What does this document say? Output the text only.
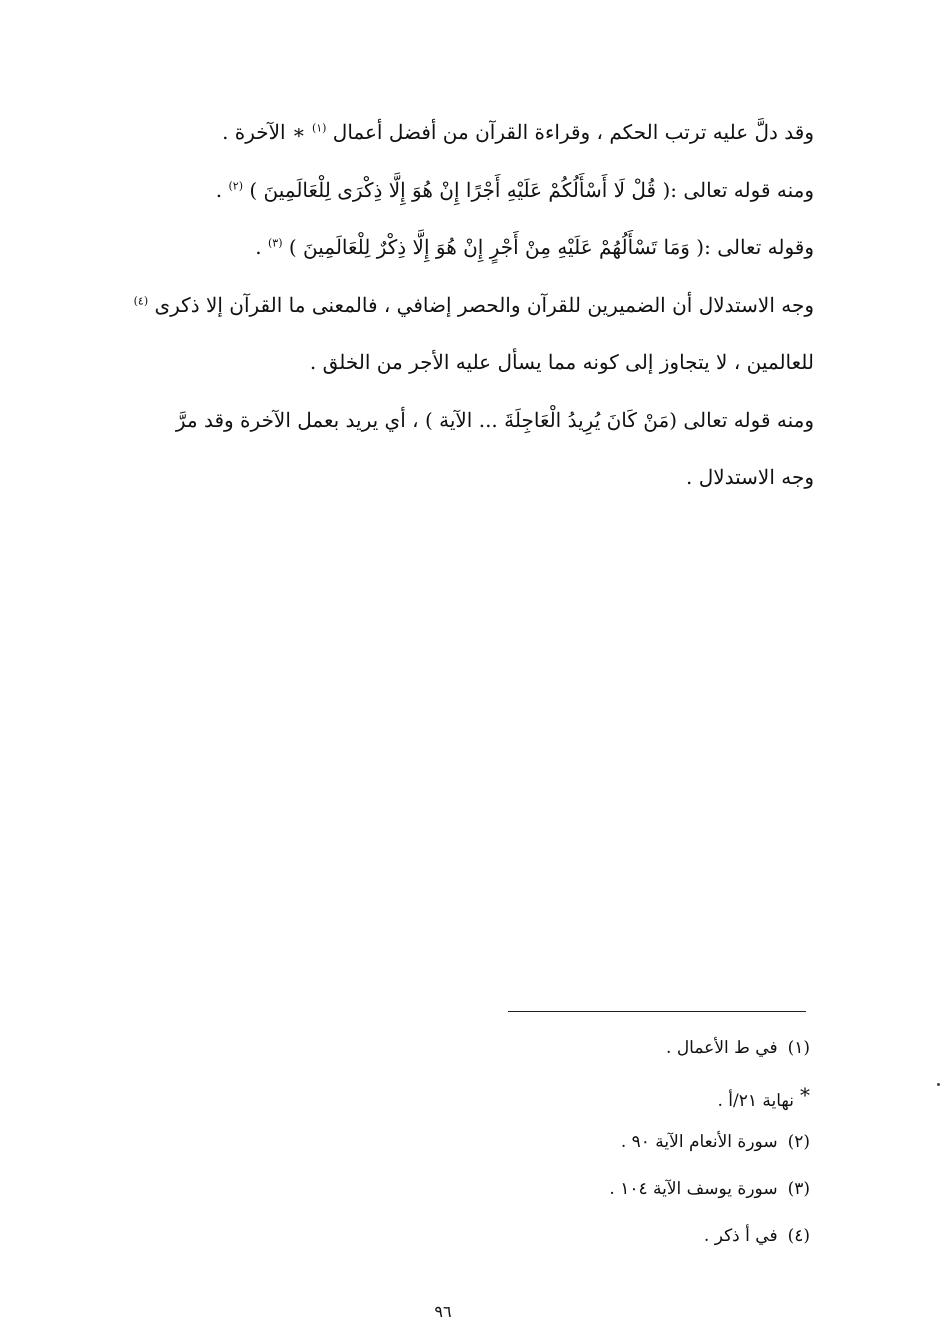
وقد دلَّ عليه ترتب الحكم ، وقراءة القرآن من أفضل أعمال $^{(١)}$ ∗ الآخرة .
ومنه قوله تعالى :( قُلْ لَا أَسْأَلُكُمْ عَلَيْهِ أَجْرًا إِنْ هُوَ إِلَّا ذِكْرَى لِلْعَالَمِينَ ) $^{(٢)}$ .
وقوله تعالى :( وَمَا تَسْأَلُهُمْ عَلَيْهِ مِنْ أَجْرٍ إِنْ هُوَ إِلَّا ذِكْرٌ لِلْعَالَمِينَ ) $^{(٣)}$ .
وجه الاستدلال أن الضميرين للقرآن والحصر إضافي ، فالمعنى ما القرآن إلا ذكرى $^{(٤)}$
للعالمين ، لا يتجاوز إلى كونه مما يسأل عليه الأجر من الخلق .
ومنه قوله تعالى (مَنْ كَانَ يُرِيدُ الْعَاجِلَةَ ... الآية ) ، أي يريد بعمل الآخرة وقد مرَّ
وجه الاستدلال .
(١)في ط الأعمال .
*نهاية ٢١/أ .
(٢)سورة الأنعام الآية ٩٠ .
(٣)سورة يوسف الآية ١٠٤ .
(٤)في أ ذكر .
٩٦
